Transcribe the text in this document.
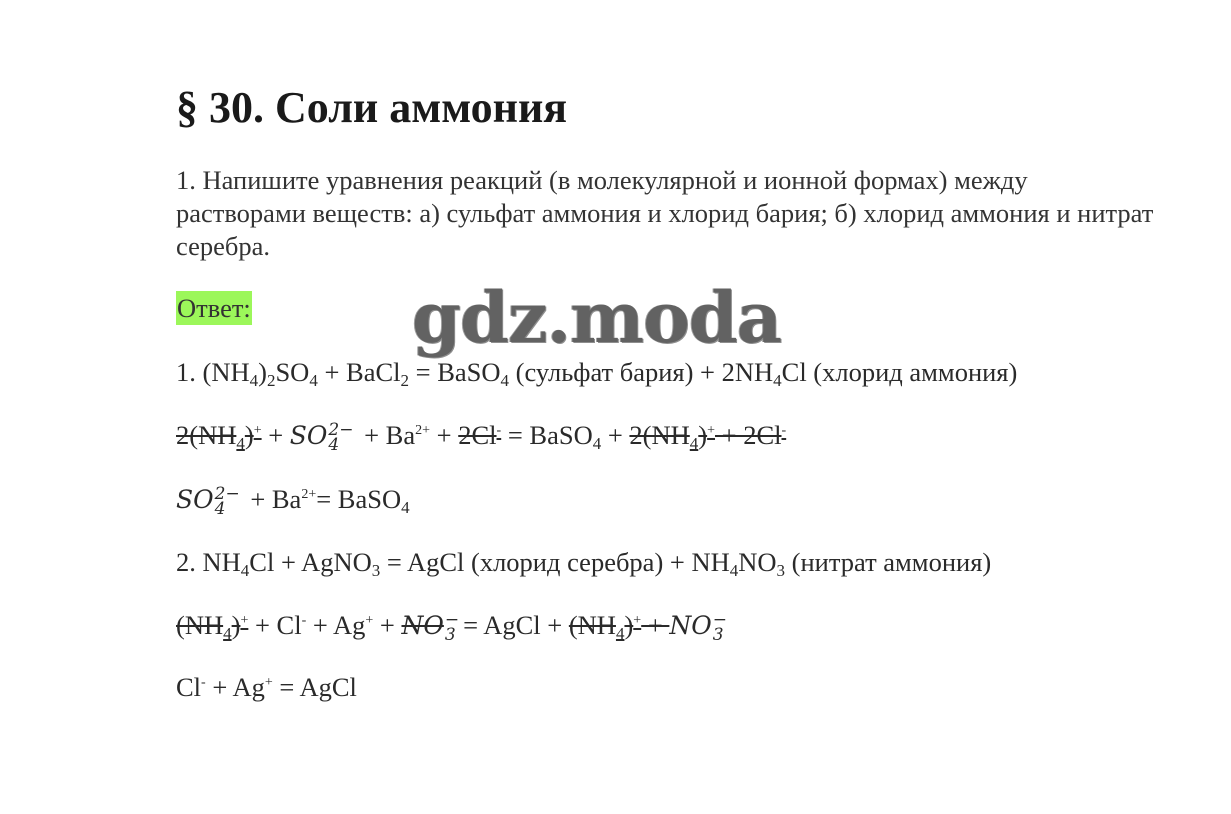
§ 30. Соли аммония
1. Напишите уравнения реакций (в молекулярной и ионной формах) между растворами веществ: а) сульфат аммония и хлорид бария; б) хлорид аммония и нитрат серебра.
Ответ: gdz.moda
1. $(NH_4)_2SO_4$ + BaCl$_2$ = BaSO$_4$ (сульфат бария) + $2NH_4Cl$ (хлорид аммония)
$2(NH_4)^+$ + SO 2−
$4 + Ba^{2+} + 2Cl^-$ = BaSO$_4$ + $2(NH_4)^+ + 2Cl^-$
SO 2−
$4 + Ba^{2+}=$ BaSO$_4$
2. $NH_4Cl$ + AgNO$_3$ = AgCl (хлорид серебра) + $NH_4NO_3$ (нитрат аммония)
$(NH_4)^+ + Cl^- + Ag^+$ + NO −
3 = AgCl + $(NH_4)^+$ + NO −
3
Cl- + Ag+ = AgCl
